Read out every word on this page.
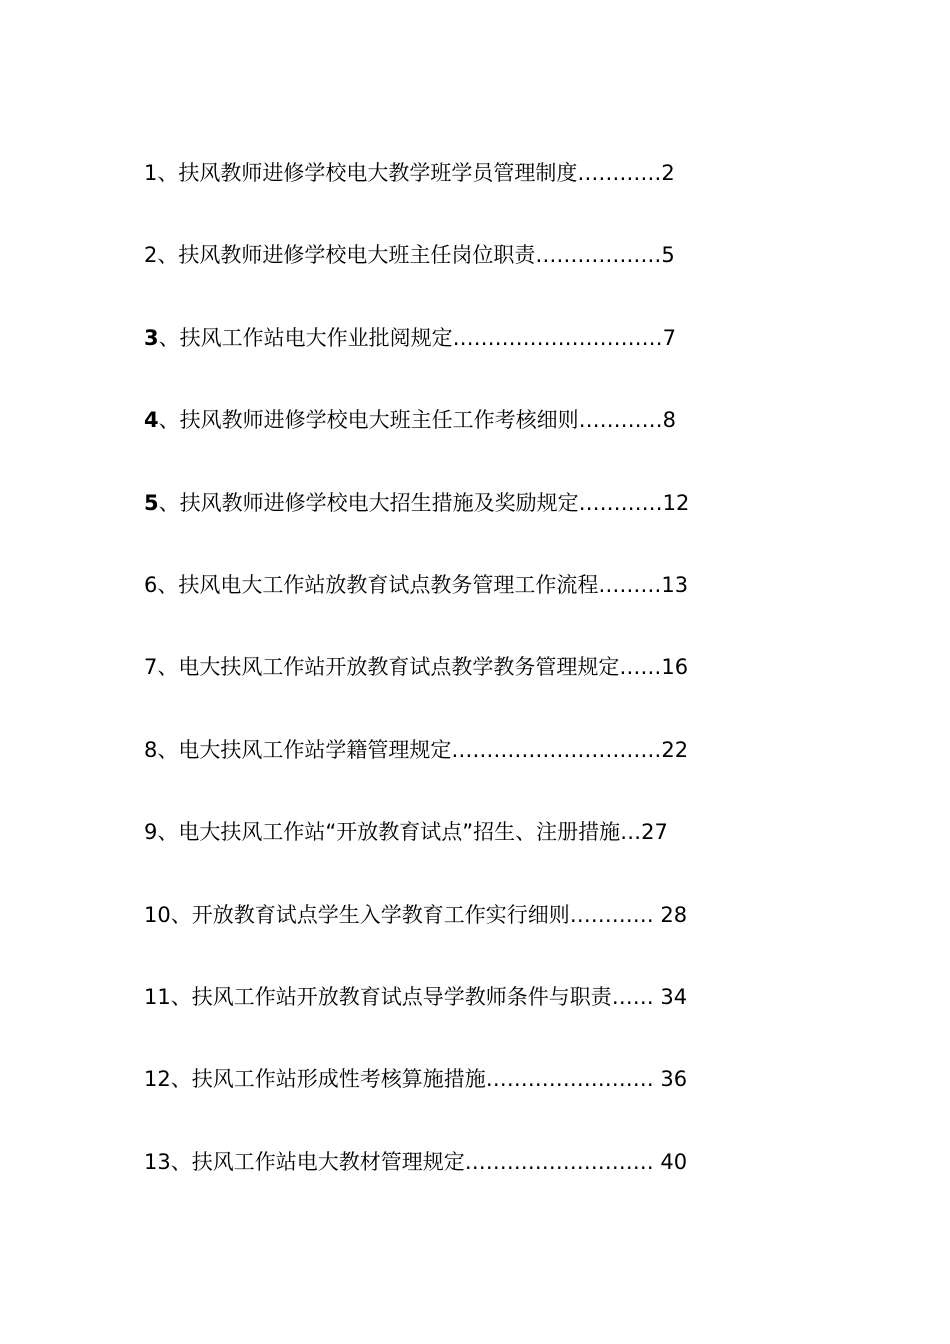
1、扶风教师进修学校电大教学班学员管理制度…………2
2、扶风教师进修学校电大班主任岗位职责………………5
3、扶风工作站电大作业批阅规定…………………………7
4、扶风教师进修学校电大班主任工作考核细则…………8
5、扶风教师进修学校电大招生措施及奖励规定…………12
6、扶风电大工作站放教育试点教务管理工作流程………13
7、电大扶风工作站开放教育试点教学教务管理规定……16
8、电大扶风工作站学籍管理规定…………………………22
9、电大扶风工作站“开放教育试点”招生、注册措施…27
10、开放教育试点学生入学教育工作实行细则………… 28
11、扶风工作站开放教育试点导学教师条件与职责…… 34
12、扶风工作站形成性考核算施措施…………………… 36
13、扶风工作站电大教材管理规定……………………… 40
